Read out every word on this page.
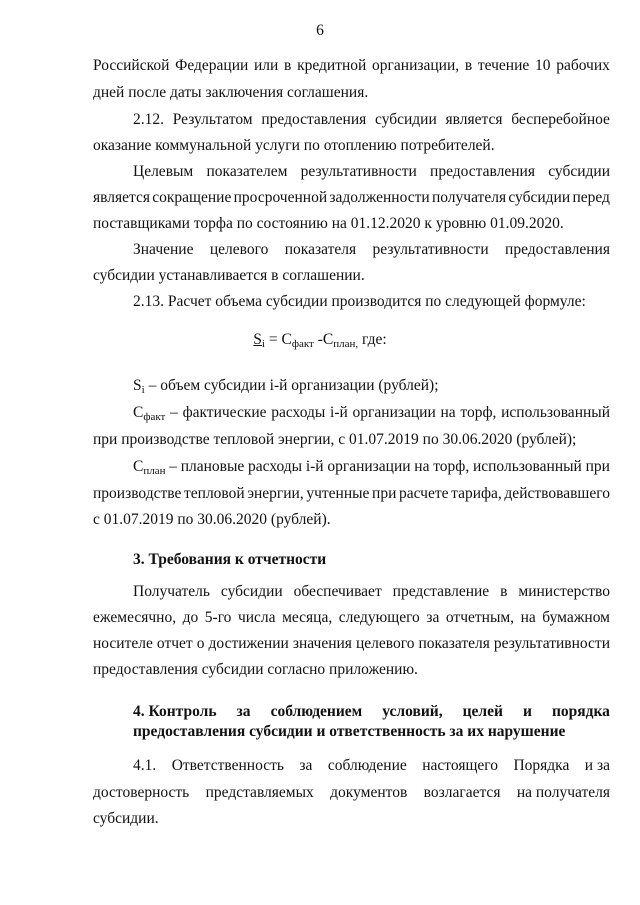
6
Российской Федерации или в кредитной организации, в течение 10 рабочих
дней после даты заключения соглашения.
2.12. Результатом предоставления субсидии является бесперебойное
оказание коммунальной услуги по отоплению потребителей.
Целевым показателем результативности предоставления субсидии
является сокращение просроченной задолженности получателя субсидии перед
поставщиками торфа по состоянию на 01.12.2020 к уровню 01.09.2020.
Значение целевого показателя результативности предоставления
субсидии устанавливается в соглашении.
2.13. Расчет объема субсидии производится по следующей формуле:
Si – объем субсидии i-й организации (рублей);
Cфакт – фактические расходы i-й организации на торф, использованный
при производстве тепловой энергии, с 01.07.2019 по 30.06.2020 (рублей);
Cплан – плановые расходы i-й организации на торф, использованный при
производстве тепловой энергии, учтенные при расчете тарифа, действовавшего
с 01.07.2019 по 30.06.2020 (рублей).
3. Требования к отчетности
Получатель субсидии обеспечивает представление в министерство
ежемесячно, до 5-го числа месяца, следующего за отчетным, на бумажном
носителе отчет о достижении значения целевого показателя результативности
предоставления субсидии согласно приложению.
4. Контроль за соблюдением условий, целей и порядка
предоставления субсидии и ответственность за их нарушение
4.1. Ответственность за соблюдение настоящего Порядка и за
достоверность представляемых документов возлагается на получателя
субсидии.
Si = Cфакт -Cплан, где:
